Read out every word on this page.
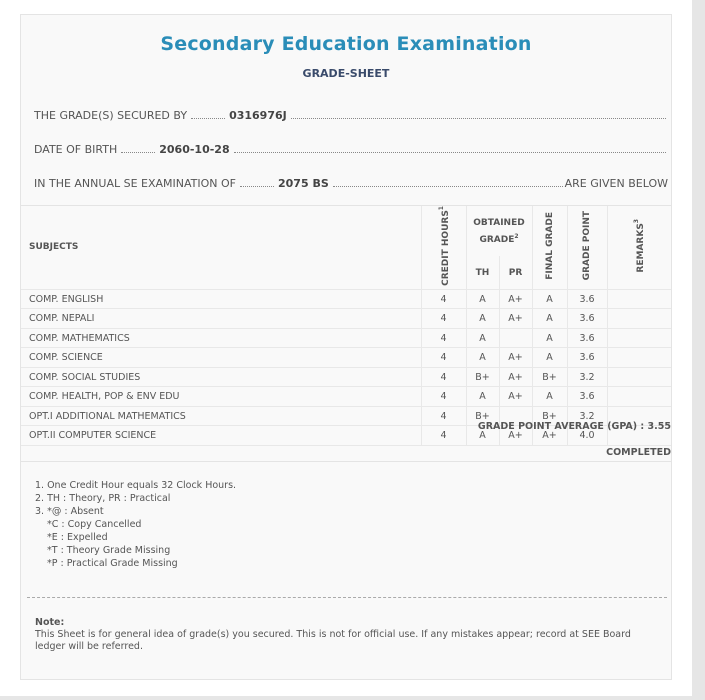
Secondary Education Examination
GRADE-SHEET
THE GRADE(S) SECURED BY	0316976J
DATE OF BIRTH	2060-10-28
IN THE ANNUAL SE EXAMINATION OF	2075 BS	ARE GIVEN BELOW
SUBJECTS	CREDIT HOURS$^1$	OBTAINED GRADE$^2$		FINAL GRADE	GRADE POINT	REMARKS$^3$
		TH	PR			
COMP. ENGLISH	4	A	A+	A	3.6	
COMP. NEPALI	4	A	A+	A	3.6	
COMP. MATHEMATICS	4	A		A	3.6	
COMP. SCIENCE	4	A	A+	A	3.6	
COMP. SOCIAL STUDIES	4	B+	A+	B+	3.2	
COMP. HEALTH, POP & ENV EDU	4	A	A+	A	3.6	
OPT.I ADDITIONAL MATHEMATICS	4	B+		B+	3.2	
OPT.II COMPUTER SCIENCE	4	A	A+	A+	4.0	
GRADE POINT AVERAGE (GPA) : 3.55
COMPLETED
1. One Credit Hour equals 32 Clock Hours.
2. TH : Theory, PR : Practical
3. *@ : Absent
*C : Copy Cancelled
*E : Expelled
*T : Theory Grade Missing
*P : Practical Grade Missing
Note:
This Sheet is for general idea of grade(s) you secured. This is not for official use. If any mistakes appear; record at SEE Board ledger will be referred.
